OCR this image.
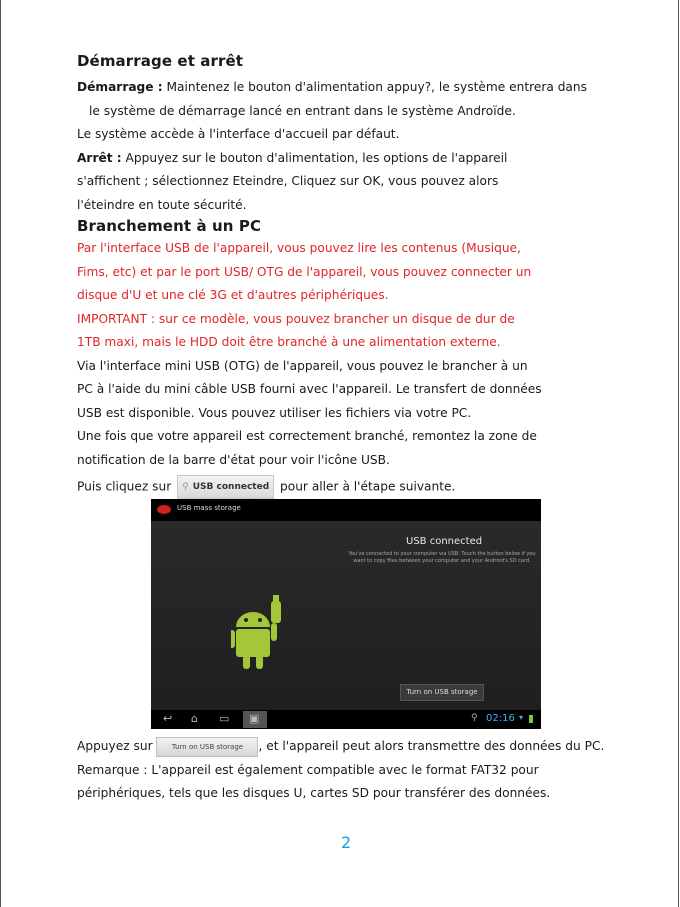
Démarrage et arrêt

Démarrage : Maintenez le bouton d'alimentation appuy?, le système entrera dans

le système de démarrage lancé en entrant dans le système Androïde.

Le système accède à l'interface d'accueil par défaut.

Arrêt : Appuyez sur le bouton d'alimentation, les options de l'appareil

s'affichent ; sélectionnez Eteindre, Cliquez sur OK, vous pouvez alors

l'éteindre en toute sécurité.

Branchement à un PC

Par l'interface USB de l'appareil, vous pouvez lire les contenus (Musique,

Fims, etc) et par le port USB/ OTG de l'appareil, vous pouvez connecter un

disque d'U et une clé 3G et d'autres périphériques.

IMPORTANT : sur ce modèle, vous pouvez brancher un disque de dur de

1TB maxi, mais le HDD doit être branché à une alimentation externe.

Via l'interface mini USB (OTG) de l'appareil, vous pouvez le brancher à un

PC à l'aide du mini câble USB fourni avec l'appareil. Le transfert de données

USB est disponible. Vous pouvez utiliser les fichiers via votre PC.

Une fois que votre appareil est correctement branché, remontez la zone de

notification de la barre d'état pour voir l'icône USB.

Puis cliquez sur ⚲ USB connected pour aller à l'étape suivante.

USB mass storage
USB connected
You've connected to your computer via USB. Touch the button below if you want to copy files between your computer and your Android's SD card.
Turn on USB storage
↩ ⌂ ▭ ▣	⚲ 02:16 ▾

Appuyez sur Turn on USB storage , et l'appareil peut alors transmettre des données du PC.

Remarque : L'appareil est également compatible avec le format FAT32 pour

périphériques, tels que les disques U, cartes SD pour transférer des données.

2
